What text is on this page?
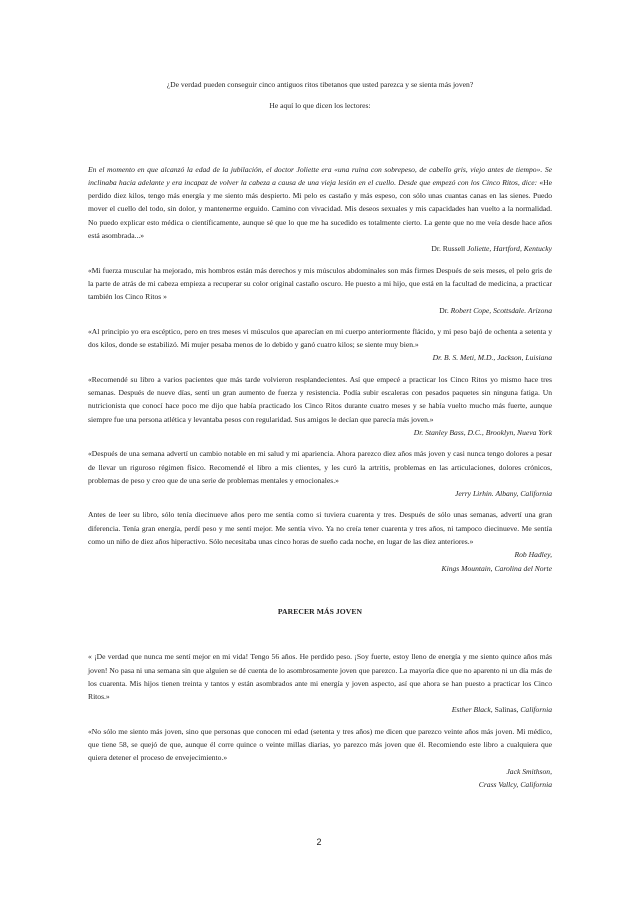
¿De verdad pueden conseguir cinco antiguos ritos tibetanos que usted parezca y se sienta más joven?

He aquí lo que dicen los lectores:

En el momento en que alcanzó la edad de la jubilación, el doctor Joliette era «una ruina con sobrepeso, de cabello gris, viejo antes de tiempo». Se inclinaba hacia adelante y era incapaz de volver la cabeza a causa de una vieja lesión en el cuello. Desde que empezó con los Cinco Ritos, dice: «He perdido diez kilos, tengo más energía y me siento más despierto. Mi pelo es castaño y más espeso, con sólo unas cuantas canas en las sienes. Puedo mover el cuello del todo, sin dolor, y mantenerme erguido. Camino con vivacidad. Mis deseos sexuales y mis capacidades han vuelto a la normalidad. No puedo explicar esto médica o científicamente, aunque sé que lo que me ha sucedido es totalmente cierto. La gente que no me veía desde hace años está asombrada...»

Dr. Russell Joliette, Hartford, Kentucky

«Mi fuerza muscular ha mejorado, mis hombros están más derechos y mis músculos abdominales son más firmes Después de seis meses, el pelo gris de la parte de atrás de mi cabeza empieza a recuperar su color original castaño oscuro. He puesto a mi hijo, que está en la facultad de medicina, a practicar también los Cinco Ritos »

Dr. Robert Cope, Scottsdale. Arizona

«Al principio yo era escéptico, pero en tres meses vi músculos que aparecían en mi cuerpo anteriormente flácido, y mi peso bajó de ochenta a setenta y dos kilos, donde se estabilizó. Mi mujer pesaba menos de lo debido y ganó cuatro kilos; se siente muy bien.»

Dr. B. S. Meti, M.D., Jackson, Luisiana

«Recomendé su libro a varios pacientes que más tarde volvieron resplandecientes. Así que empecé a practicar los Cinco Ritos yo mismo hace tres semanas. Después de nueve días, sentí un gran aumento de fuerza y resistencia. Podía subir escaleras con pesados paquetes sin ninguna fatiga. Un nutricionista que conocí hace poco me dijo que había practicado los Cinco Ritos durante cuatro meses y se había vuelto mucho más fuerte, aunque siempre fue una persona atlética y levantaba pesos con regularidad. Sus amigos le decían que parecía más joven.»

Dr. Stanley Bass, D.C., Brooklyn, Nueva York

«Después de una semana advertí un cambio notable en mi salud y mi apariencia. Ahora parezco diez años más joven y casi nunca tengo dolores a pesar de llevar un riguroso régimen físico. Recomendé el libro a mis clientes, y les curó la artritis, problemas en las articulaciones, dolores crónicos, problemas de peso y creo que de una serie de problemas mentales y emocionales.»

Jerry Lirhin. Albany, California

Antes de leer su libro, sólo tenía diecinueve años pero me sentía como si tuviera cuarenta y tres. Después de sólo unas semanas, advertí una gran diferencia. Tenía gran energía, perdí peso y me sentí mejor. Me sentía vivo. Ya no creía tener cuarenta y tres años, ni tampoco diecinueve. Me sentía como un niño de diez años hiperactivo. Sólo necesitaba unas cinco horas de sueño cada noche, en lugar de las diez anteriores.»

Rob Hadley,

Kings Mountain, Carolina del Norte

PARECER MÁS JOVEN

« ¡De verdad que nunca me sentí mejor en mi vida! Tengo 56 años. He perdido peso. ¡Soy fuerte, estoy lleno de energía y me siento quince años más joven! No pasa ni una semana sin que alguien se dé cuenta de lo asombrosamente joven que parezco. La mayoría dice que no aparento ni un día más de los cuarenta. Mis hijos tienen treinta y tantos y están asombrados ante mi energía y joven aspecto, así que ahora se han puesto a practicar los Cinco Ritos.»

Esther Black, Salinas, California

«No sólo me siento más joven, sino que personas que conocen mi edad (setenta y tres años) me dicen que parezco veinte años más joven. Mi médico, que tiene 58, se quejó de que, aunque él corre quince o veinte millas diarias, yo parezco más joven que él. Recomiendo este libro a cualquiera que quiera detener el proceso de envejecimiento.»

Jack Smithson,

Crass Vallcy, California

2
